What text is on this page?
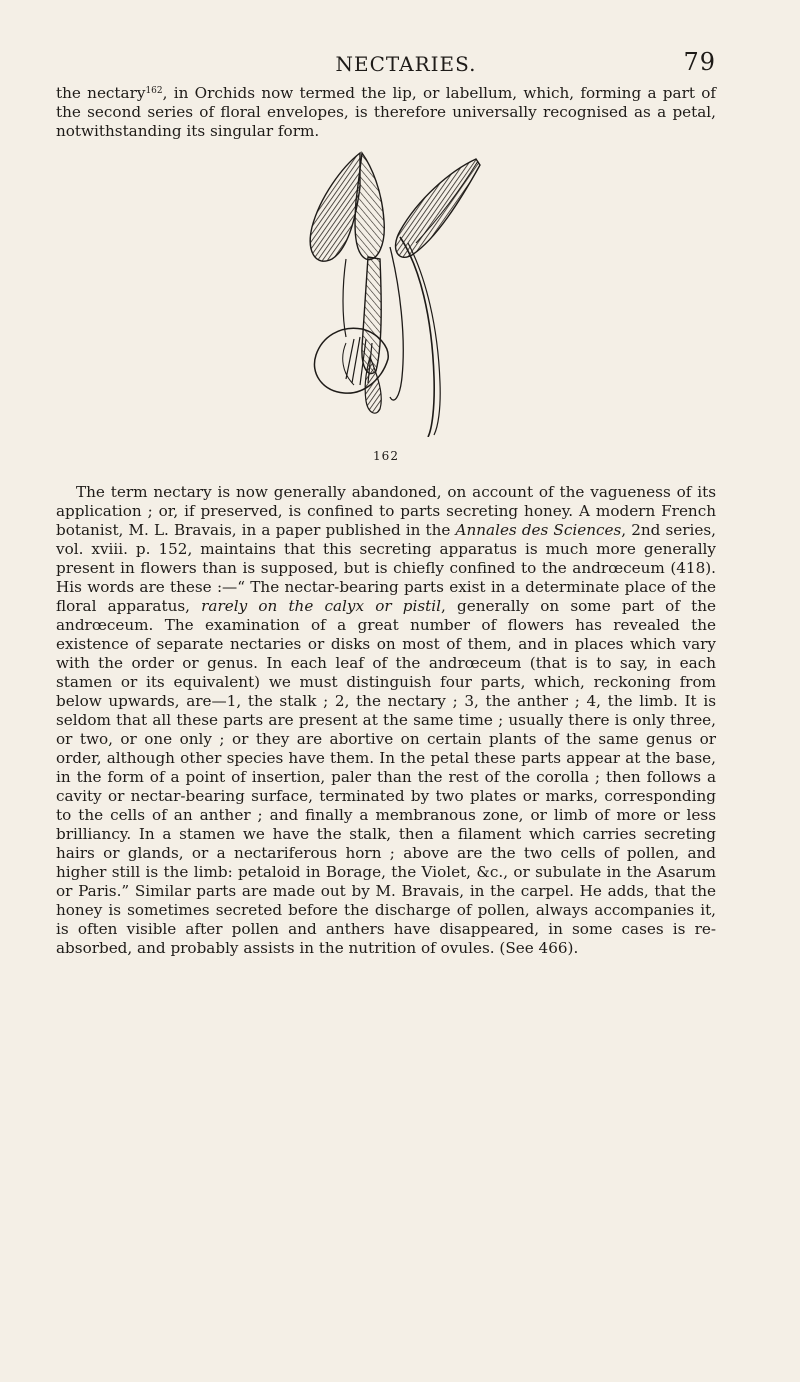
NECTARIES.	79

the nectary$^{162}$, in Orchids now termed the lip, or labellum, which, forming a part of the second series of floral envelopes, is therefore universally recognised as a petal, notwithstanding its singular form.

162

The term nectary is now generally abandoned, on account of the vagueness of its application ; or, if preserved, is confined to parts secreting honey. A modern French botanist, M. L. Bravais, in a paper published in the Annales des Sciences, 2nd series, vol. xviii. p. 152, maintains that this secreting apparatus is much more generally present in flowers than is supposed, but is chiefly confined to the andrœceum (418). His words are these :—“ The nectar-bearing parts exist in a determinate place of the floral apparatus, rarely on the calyx or pistil, generally on some part of the andrœceum. The examination of a great number of flowers has revealed the existence of separate nectaries or disks on most of them, and in places which vary with the order or genus. In each leaf of the andrœceum (that is to say, in each stamen or its equivalent) we must distinguish four parts, which, reckoning from below upwards, are—1, the stalk ; 2, the nectary ; 3, the anther ; 4, the limb. It is seldom that all these parts are present at the same time ; usually there is only three, or two, or one only ; or they are abortive on certain plants of the same genus or order, although other species have them. In the petal these parts appear at the base, in the form of a point of insertion, paler than the rest of the corolla ; then follows a cavity or nectar-bearing surface, terminated by two plates or marks, corresponding to the cells of an anther ; and finally a membranous zone, or limb of more or less brilliancy. In a stamen we have the stalk, then a filament which carries secreting hairs or glands, or a nectariferous horn ; above are the two cells of pollen, and higher still is the limb: petaloid in Borage, the Violet, &c., or subulate in the Asarum or Paris.” Similar parts are made out by M. Bravais, in the carpel. He adds, that the honey is sometimes secreted before the discharge of pollen, always accompanies it, is often visible after pollen and anthers have disappeared, in some cases is re-absorbed, and probably assists in the nutrition of ovules. (See 466).
